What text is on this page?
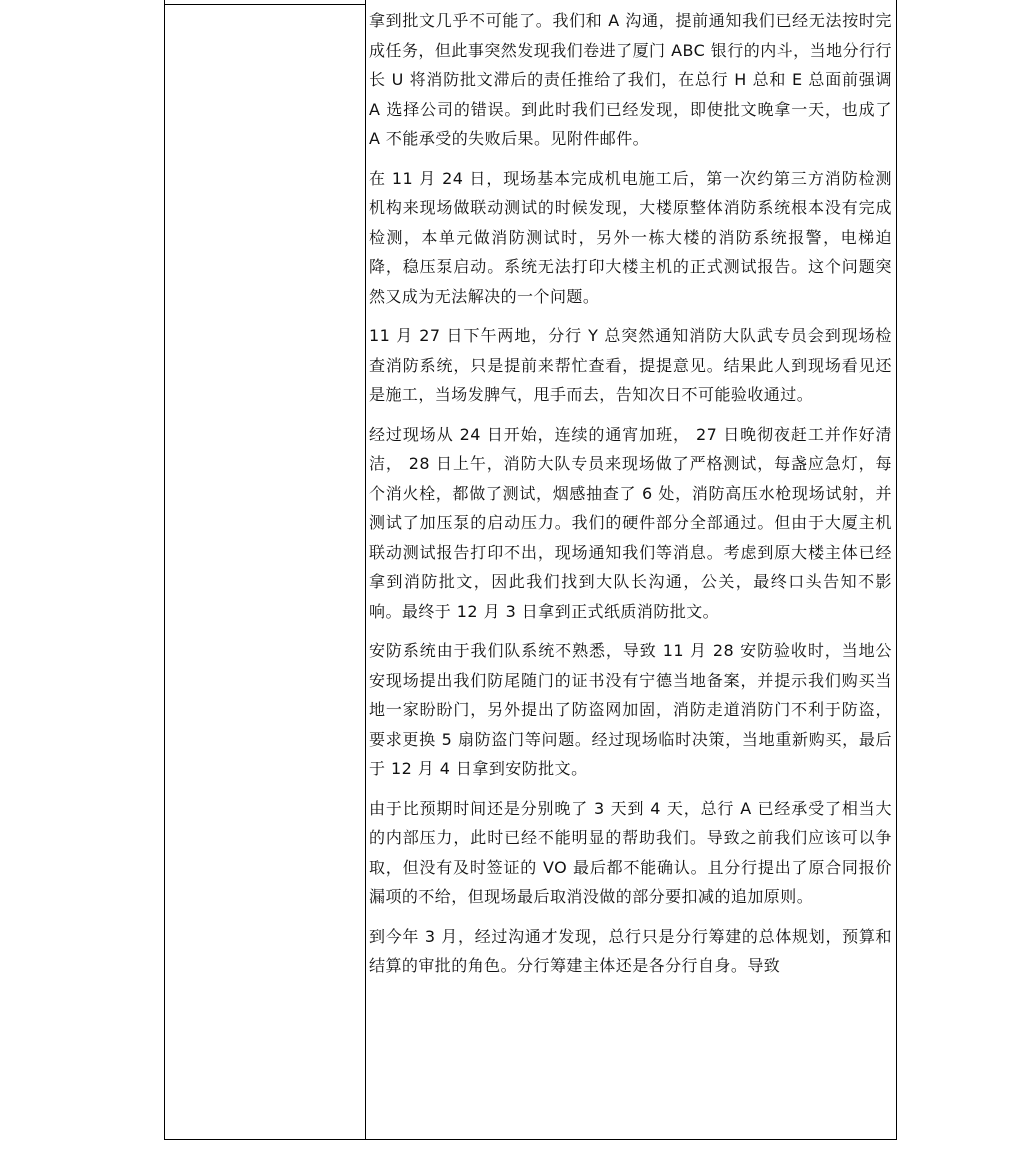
拿到批文几乎不可能了。我们和 A 沟通，提前通知我们已经无法按时完成任务，但此事突然发现我们卷进了厦门 ABC 银行的内斗，当地分行行长 U 将消防批文滞后的责任推给了我们，在总行 H 总和 E 总面前强调 A 选择公司的错误。到此时我们已经发现，即使批文晚拿一天，也成了 A 不能承受的失败后果。见附件邮件。

在 11 月 24 日，现场基本完成机电施工后，第一次约第三方消防检测机构来现场做联动测试的时候发现，大楼原整体消防系统根本没有完成检测，本单元做消防测试时，另外一栋大楼的消防系统报警，电梯迫降，稳压泵启动。系统无法打印大楼主机的正式测试报告。这个问题突然又成为无法解决的一个问题。

11 月 27 日下午两地，分行 Y 总突然通知消防大队武专员会到现场检查消防系统，只是提前来帮忙查看，提提意见。结果此人到现场看见还是施工，当场发脾气，甩手而去，告知次日不可能验收通过。

经过现场从 24 日开始，连续的通宵加班， 27 日晚彻夜赶工并作好清洁， 28 日上午，消防大队专员来现场做了严格测试，每盏应急灯，每个消火栓，都做了测试，烟感抽查了 6 处，消防高压水枪现场试射，并测试了加压泵的启动压力。我们的硬件部分全部通过。但由于大厦主机联动测试报告打印不出，现场通知我们等消息。考虑到原大楼主体已经拿到消防批文，因此我们找到大队长沟通，公关，最终口头告知不影响。最终于 12 月 3 日拿到正式纸质消防批文。

安防系统由于我们队系统不熟悉，导致 11 月 28 安防验收时，当地公安现场提出我们防尾随门的证书没有宁德当地备案，并提示我们购买当地一家盼盼门，另外提出了防盗网加固，消防走道消防门不利于防盗，要求更换 5 扇防盗门等问题。经过现场临时决策，当地重新购买，最后于 12 月 4 日拿到安防批文。

由于比预期时间还是分别晚了 3 天到 4 天，总行 A 已经承受了相当大的内部压力，此时已经不能明显的帮助我们。导致之前我们应该可以争取，但没有及时签证的 VO 最后都不能确认。且分行提出了原合同报价漏项的不给，但现场最后取消没做的部分要扣减的追加原则。

到今年 3 月，经过沟通才发现，总行只是分行筹建的总体规划，预算和结算的审批的角色。分行筹建主体还是各分行自身。导致
